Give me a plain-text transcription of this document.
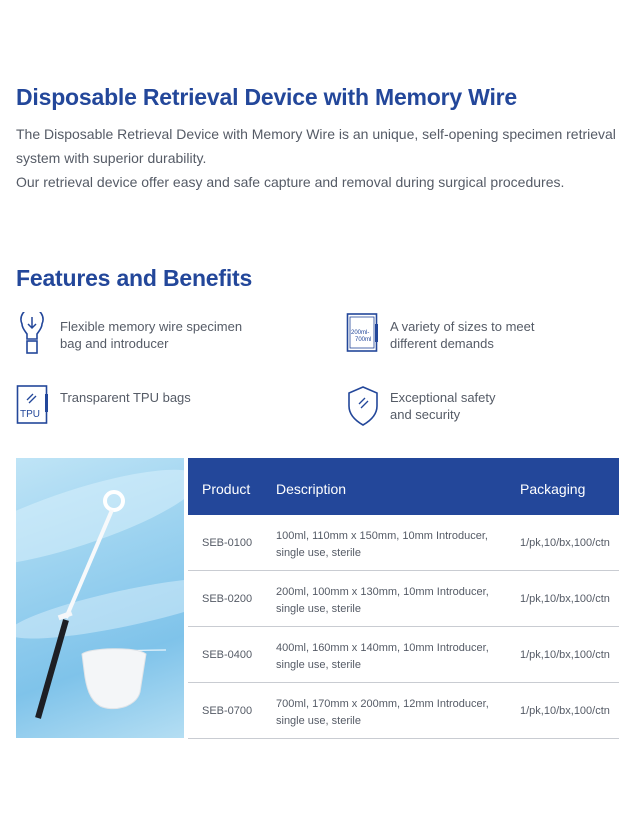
Disposable Retrieval Device with Memory Wire

The Disposable Retrieval Device with Memory Wire is an unique, self-opening specimen retrieval system with superior durability.

Our retrieval device offer easy and safe capture and removal during surgical procedures.

Features and Benefits
Flexible memory wire specimen bag and introducer
200ml-
700ml
A variety of sizes to meet different demands
TPU
Transparent TPU bags	Exceptional safety and security
Product Description	Packaging
SEB-0100
100ml, 110mm x 150mm, 10mm Introducer, single use, sterile
1/pk,10/bx,100/ctn
SEB-0200
200ml, 100mm x 130mm, 10mm Introducer, single use, sterile
1/pk,10/bx,100/ctn
SEB-0400
400ml, 160mm x 140mm, 10mm Introducer, single use, sterile
1/pk,10/bx,100/ctn
SEB-0700
700ml, 170mm x 200mm, 12mm Introducer, single use, sterile
1/pk,10/bx,100/ctn
